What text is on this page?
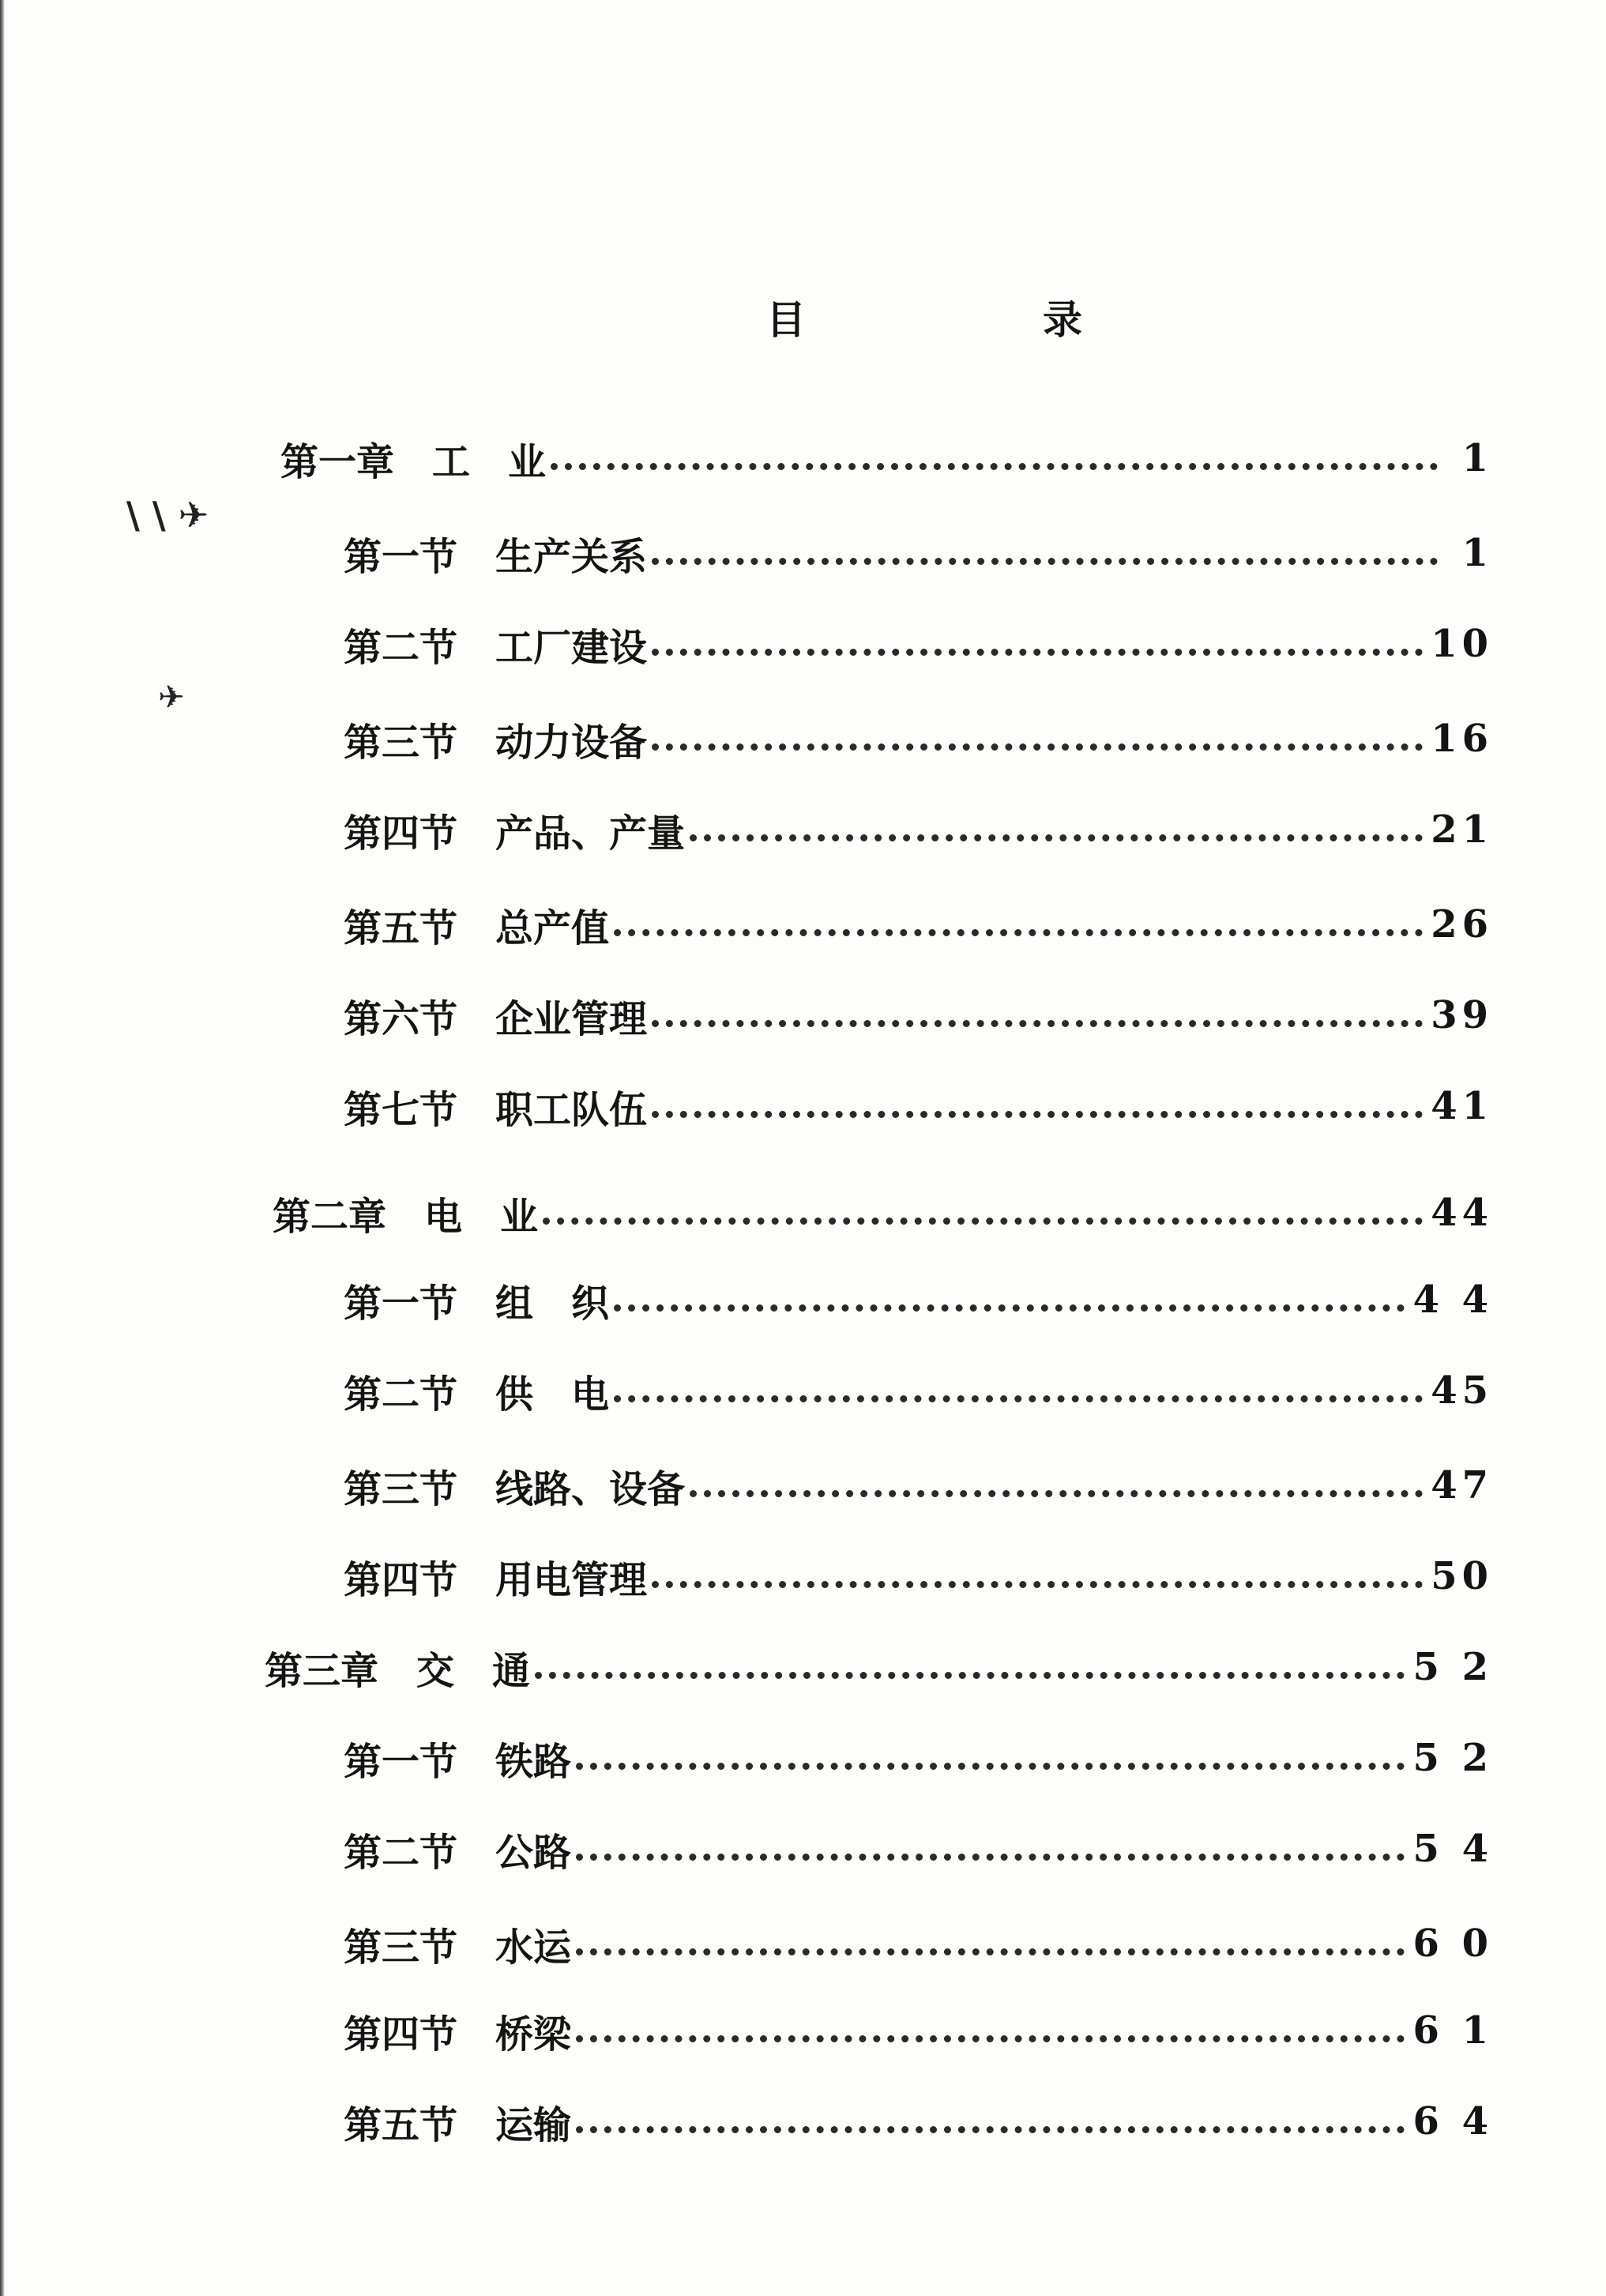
目	录
第一章　工　业	1
第一节　生产关系	1
第二节　工厂建设	10
第三节　动力设备	16
第四节　产品、产量	21
第五节　总产值	26
第六节　企业管理	39
第七节　职工队伍	41
第二章　电　业	44
第一节　组　织	4 4
第二节　供　电	45
第三节　线路、设备	47
第四节　用电管理	50
第三章　交　通	5 2
第一节　铁路	5 2
第二节　公路	5 4
第三节　水运	6 0
第四节　桥梁	6 1
第五节　运输	6 4
\ \ ✈
✈
